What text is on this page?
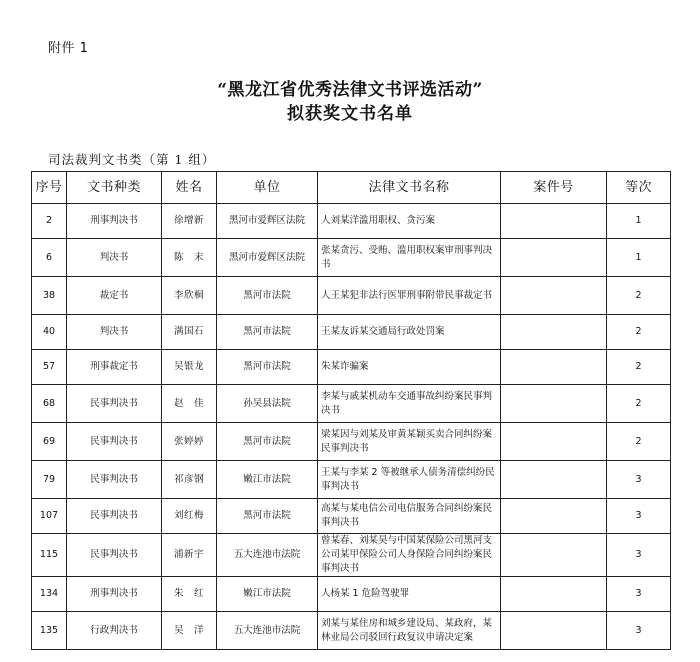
附件 1
“黑龙江省优秀法律文书评选活动”
拟获奖文书名单
司法裁判文书类（第 1 组）
序号	文书种类	姓名	单位	法律文书名称	案件号	等次
2	刑事判决书	徐增新	黑河市爱辉区法院	人刘某洋滥用职权、贪污案		1
6	判决书	陈　末	黑河市爱辉区法院	张某贪污、受贿、滥用职权案审刑事判决书		1
38	裁定书	李欣桐	黑河市法院	人王某犯非法行医罪刑事附带民事裁定书		2
40	判决书	满国石	黑河市法院	王某友诉某交通局行政处罚案		2
57	刑事裁定书	吴银龙	黑河市法院	朱某诈骗案		2
68	民事判决书	赵　佳	孙吴县法院	李某与戚某机动车交通事故纠纷案民事判决书		2
69	民事判决书	张婷婷	黑河市法院	梁某因与刘某及审黄某颖买卖合同纠纷案民事判决书		2
79	民事判决书	祁彦钢	嫩江市法院	王某与李某 2 等被继承人债务清偿纠纷民事判决书		3
107	民事判决书	刘红梅	黑河市法院	高某与某电信公司电信服务合同纠纷案民事判决书		3
115	民事判决书	浦新宇	五大连池市法院	曾某春、刘某昊与中国某保险公司黑河支公司某甲保险公司人身保险合同纠纷案民事判决书		3
134	刑事判决书	朱　红	嫩江市法院	人杨某 1 危险驾驶罪		3
135	行政判决书	吴　洋	五大连池市法院	刘某与某住房和城乡建设局、某政府，某林业局公司驳回行政复议申请决定案		3
